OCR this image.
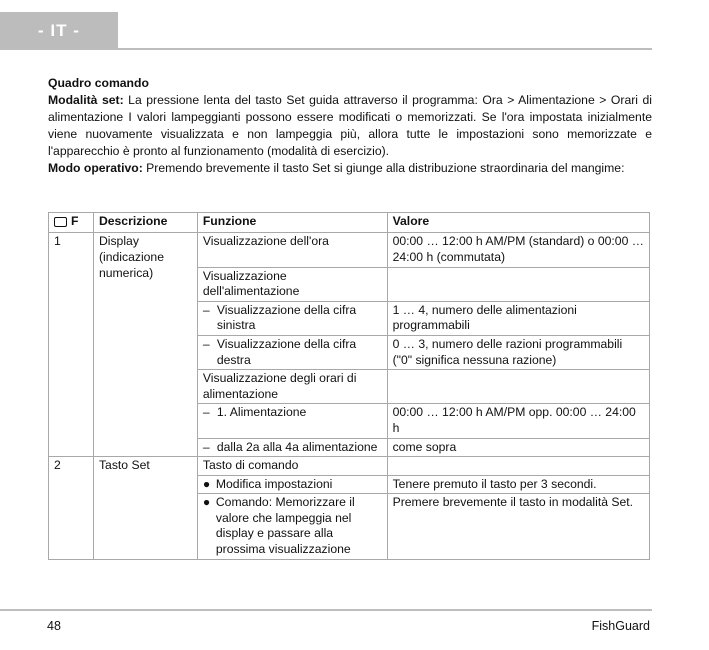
- IT -

Quadro comando

Modalità set: La pressione lenta del tasto Set guida attraverso il programma: Ora > Alimentazione > Orari di alimentazione I valori lampeggianti possono essere modificati o memorizzati. Se l'ora impostata inizialmente viene nuovamente visualizzata e non lampeggia più, allora tutte le impostazioni sono memorizzate e l'apparecchio è pronto al funzionamento (modalità di esercizio).

Modo operativo: Premendo brevemente il tasto Set si giunge alla distribuzione straordinaria del mangime:

F	Descrizione	Funzione	Valore
1	Display (indicazione numerica)	Visualizzazione dell'ora	00:00 … 12:00 h AM/PM (standard) o 00:00 … 24:00 h (commutata)
		Visualizzazione dell'alimentazione	

		– Visualizzazione della cifra sinistra	1 … 4, numero delle alimentazioni programmabili

		– Visualizzazione della cifra destra	0 … 3, numero delle razioni programmabili ("0" significa nessuna razione)
		Visualizzazione degli orari di alimentazione	

		– 1. Alimentazione	00:00 … 12:00 h AM/PM opp. 00:00 … 24:00 h

		– dalla 2a alla 4a alimentazione	come sopra
2	Tasto Set	Tasto di comando	

		● Modifica impostazioni	Tenere premuto il tasto per 3 secondi.

		● Comando: Memorizzare il valore che lampeggia nel display e passare alla prossima visualizzazione	Premere brevemente il tasto in modalità Set.
48	FishGuard
